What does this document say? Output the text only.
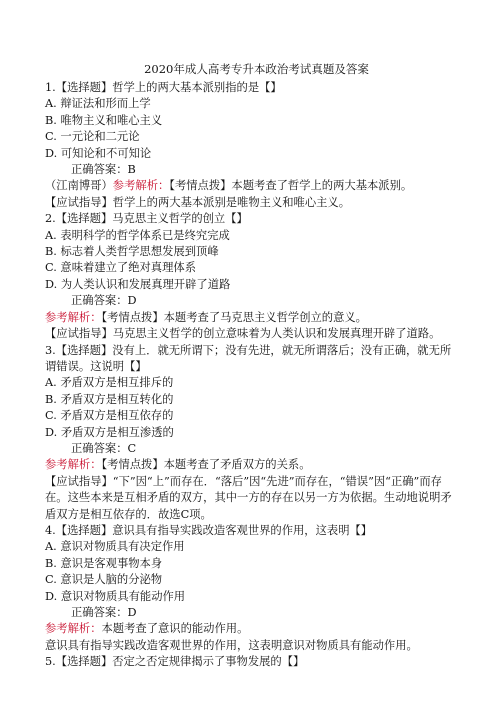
2020年成人高考专升本政治考试真题及答案
1.【选择题】哲学上的两大基本派别指的是【】
A. 辩证法和形而上学
B. 唯物主义和唯心主义
C. 一元论和二元论
D. 可知论和不可知论
正确答案：B
（江南博哥）参考解析：【考情点拨】本题考查了哲学上的两大基本派别。
【应试指导】哲学上的两大基本派别是唯物主义和唯心主义。
2.【选择题】马克思主义哲学的创立【】
A. 表明科学的哲学体系已是终究完成
B. 标志着人类哲学思想发展到顶峰
C. 意味着建立了绝对真理体系
D. 为人类认识和发展真理开辟了道路
正确答案：D
参考解析：【考情点拨】本题考查了马克思主义哲学创立的意义。
【应试指导】马克思主义哲学的创立意味着为人类认识和发展真理开辟了道路。
3.【选择题】没有上．就无所谓下；没有先进，就无所谓落后；没有正确，就无所谓错误。这说明【】
A. 矛盾双方是相互排斥的
B. 矛盾双方是相互转化的
C. 矛盾双方是相互依存的
D. 矛盾双方是相互渗透的
正确答案：C
参考解析：【考情点拨】本题考查了矛盾双方的关系。
【应试指导】“下”因“上”而存在．“落后”因“先进”而存在，“错误”因“正确”而存在。这些本来是互相矛盾的双方，其中一方的存在以另一方为依据。生动地说明矛盾双方是相互依存的．故选C项。
4.【选择题】意识具有指导实践改造客观世界的作用，这表明【】
A. 意识对物质具有决定作用
B. 意识是客观事物本身
C. 意识是人脑的分泌物
D. 意识对物质具有能动作用
正确答案：D
参考解析：本题考查了意识的能动作用。
意识具有指导实践改造客观世界的作用，这表明意识对物质具有能动作用。
5.【选择题】否定之否定规律揭示了事物发展的【】
